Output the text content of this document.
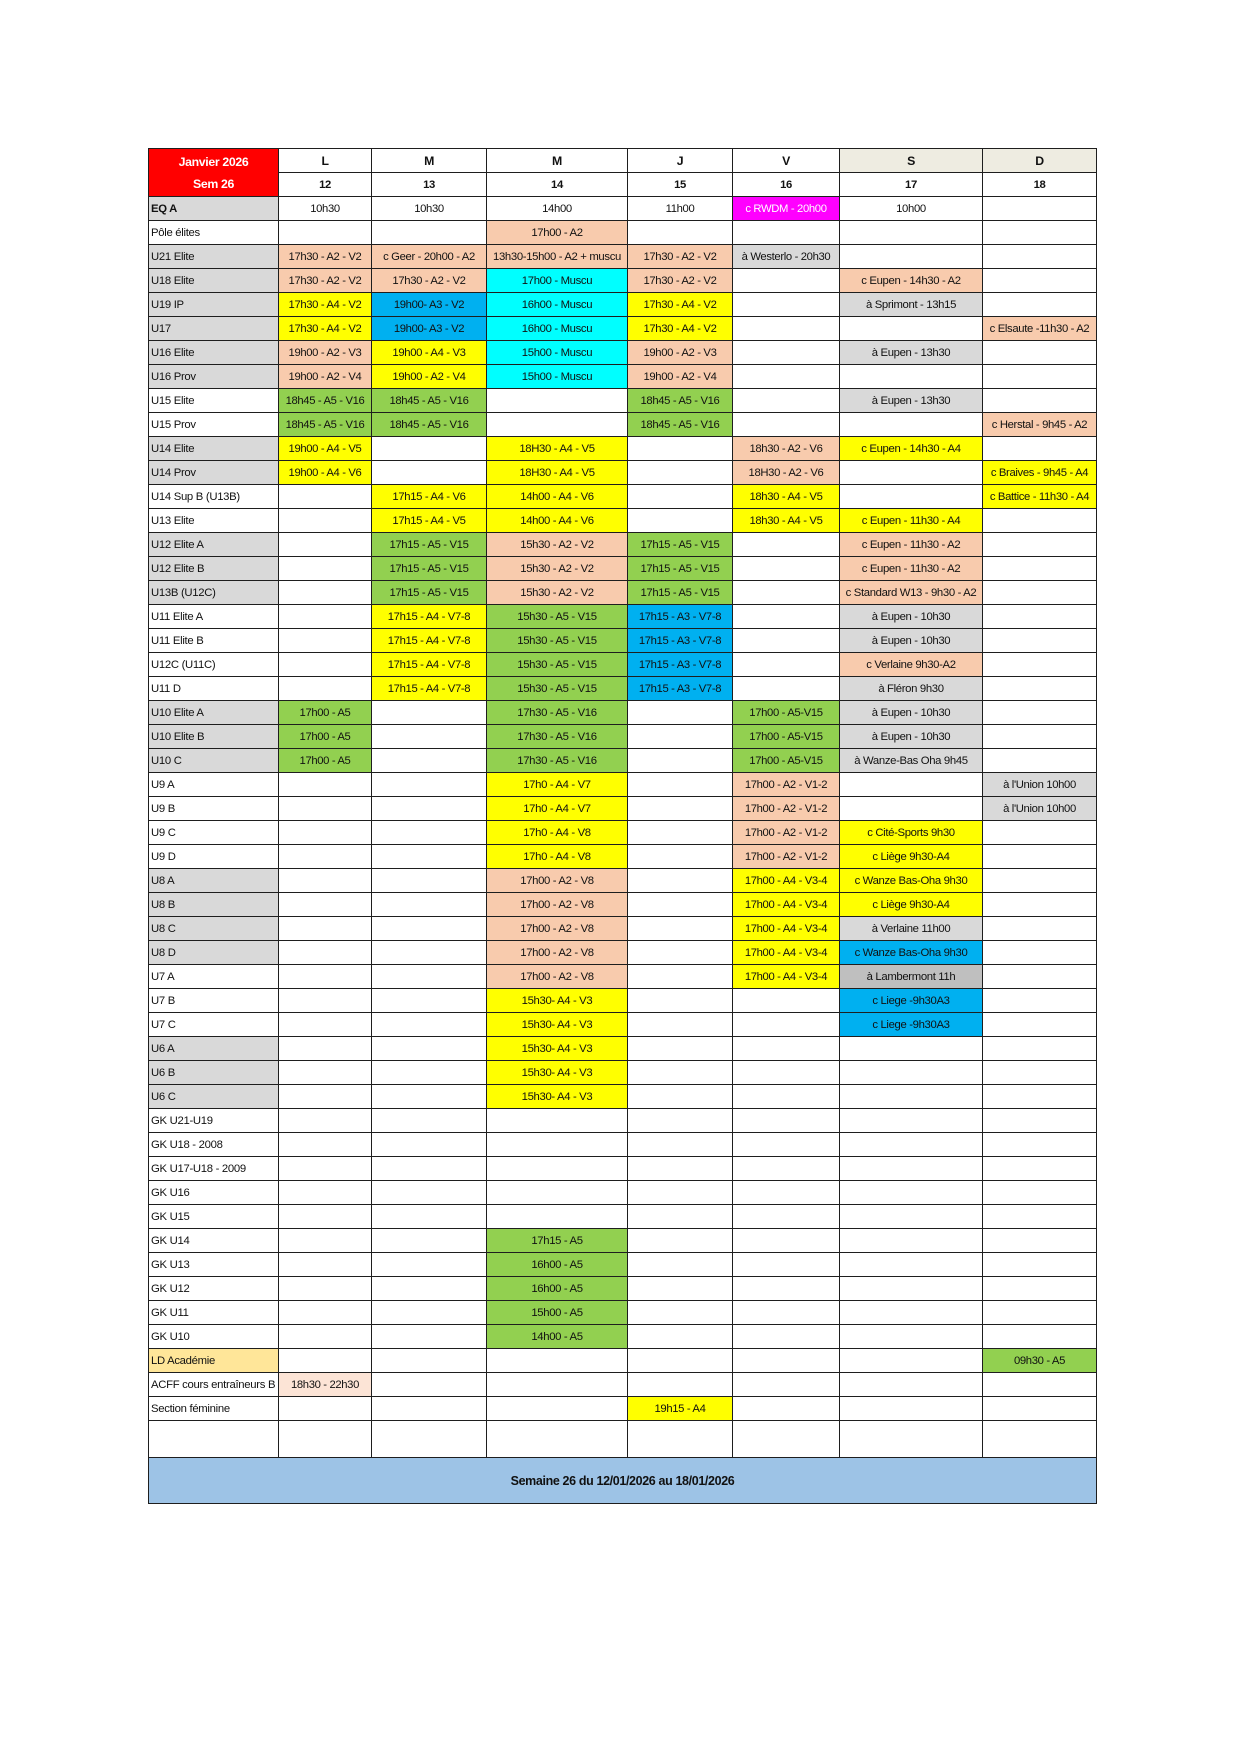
Janvier 2026
Sem 26	L	M	M	J	V	S	D
	12	13	14	15	16	17	18
EQ A	10h30	10h30	14h00	11h00	c RWDM - 20h00	10h00	
Pôle élites			17h00 - A2				
U21 Elite	17h30 - A2 - V2	c Geer - 20h00 - A2	13h30-15h00 - A2 + muscu	17h30 - A2 - V2	à Westerlo - 20h30		
U18 Elite	17h30 - A2 - V2	17h30 - A2 - V2	17h00 - Muscu	17h30 - A2 - V2		c Eupen - 14h30 - A2	
U19 IP	17h30 - A4 - V2	19h00- A3 - V2	16h00 - Muscu	17h30 - A4 - V2		à Sprimont - 13h15	
U17	17h30 - A4 - V2	19h00- A3 - V2	16h00 - Muscu	17h30 - A4 - V2			c Elsaute -11h30 - A2
U16 Elite	19h00 - A2 - V3	19h00 - A4 - V3	15h00 - Muscu	19h00 - A2 - V3		à Eupen - 13h30	
U16 Prov	19h00 - A2 - V4	19h00 - A2 - V4	15h00 - Muscu	19h00 - A2 - V4			
U15 Elite	18h45 - A5 - V16	18h45 - A5 - V16		18h45 - A5 - V16		à Eupen - 13h30	
U15 Prov	18h45 - A5 - V16	18h45 - A5 - V16		18h45 - A5 - V16			c Herstal - 9h45 - A2
U14 Elite	19h00 - A4 - V5		18H30 - A4 - V5		18h30 - A2 - V6	c Eupen - 14h30 - A4	
U14 Prov	19h00 - A4 - V6		18H30 - A4 - V5		18H30 - A2 - V6		c Braives - 9h45 - A4
U14 Sup B (U13B)		17h15 - A4 - V6	14h00 - A4 - V6		18h30 - A4 - V5		c Battice - 11h30 - A4
U13 Elite		17h15 - A4 - V5	14h00 - A4 - V6		18h30 - A4 - V5	c Eupen - 11h30 - A4	
U12 Elite A		17h15 - A5 - V15	15h30 - A2 - V2	17h15 - A5 - V15		c Eupen - 11h30 - A2	
U12 Elite B		17h15 - A5 - V15	15h30 - A2 - V2	17h15 - A5 - V15		c Eupen - 11h30 - A2	
U13B (U12C)		17h15 - A5 - V15	15h30 - A2 - V2	17h15 - A5 - V15		c Standard W13 - 9h30 - A2	
U11 Elite A		17h15 - A4 - V7-8	15h30 - A5 - V15	17h15 - A3 - V7-8		à Eupen - 10h30	
U11 Elite B		17h15 - A4 - V7-8	15h30 - A5 - V15	17h15 - A3 - V7-8		à Eupen - 10h30	
U12C (U11C)		17h15 - A4 - V7-8	15h30 - A5 - V15	17h15 - A3 - V7-8		c Verlaine 9h30-A2	
U11 D		17h15 - A4 - V7-8	15h30 - A5 - V15	17h15 - A3 - V7-8		à Fléron 9h30	
U10 Elite A	17h00 - A5		17h30 - A5 - V16		17h00 - A5-V15	à Eupen - 10h30	
U10 Elite B	17h00 - A5		17h30 - A5 - V16		17h00 - A5-V15	à Eupen - 10h30	
U10 C	17h00 - A5		17h30 - A5 - V16		17h00 - A5-V15	à Wanze-Bas Oha 9h45	
U9 A			17h0 - A4 - V7		17h00 - A2 - V1-2		à l'Union 10h00
U9 B			17h0 - A4 - V7		17h00 - A2 - V1-2		à l'Union 10h00
U9 C			17h0 - A4 - V8		17h00 - A2 - V1-2	c Cité-Sports 9h30	
U9 D			17h0 - A4 - V8		17h00 - A2 - V1-2	c Liège 9h30-A4	
U8 A			17h00 - A2 - V8		17h00 - A4 - V3-4	c Wanze Bas-Oha 9h30	
U8 B			17h00 - A2 - V8		17h00 - A4 - V3-4	c Liège 9h30-A4	
U8 C			17h00 - A2 - V8		17h00 - A4 - V3-4	à Verlaine 11h00	
U8 D			17h00 - A2 - V8		17h00 - A4 - V3-4	c Wanze Bas-Oha 9h30	
U7 A			17h00 - A2 - V8		17h00 - A4 - V3-4	à Lambermont 11h	
U7 B			15h30- A4 - V3			c Liege -9h30A3	
U7 C			15h30- A4 - V3			c Liege -9h30A3	
U6 A			15h30- A4 - V3				
U6 B			15h30- A4 - V3				
U6 C			15h30- A4 - V3				
GK U21-U19							
GK U18 - 2008							
GK U17-U18 - 2009							
GK U16							
GK U15							
GK U14			17h15 - A5				
GK U13			16h00 - A5				
GK U12			16h00 - A5				
GK U11			15h00 - A5				
GK U10			14h00 - A5				
LD Académie							09h30 - A5
ACFF cours entraîneurs B	18h30 - 22h30						
Section féminine				19h15 - A4			

Semaine 26 du 12/01/2026 au 18/01/2026							
